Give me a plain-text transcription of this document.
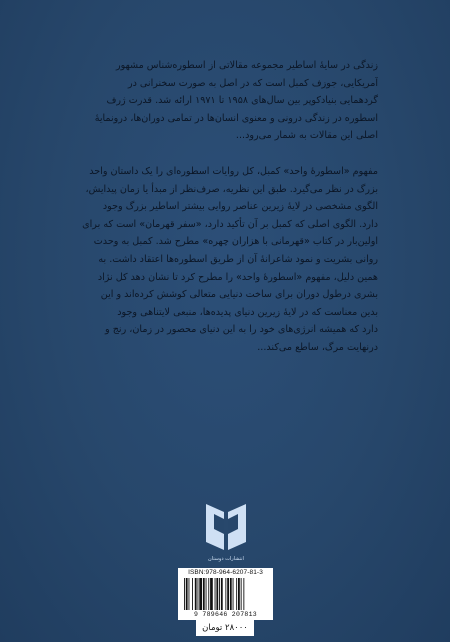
زندگی در سایهٔ اساطیر مجموعه مقالاتی از اسطوره‌شناس مشهور
آمریکایی، جوزف کمبل است که در اصل به صورت سخنرانی در
گردهمایی بنیادکوپر بین سال‌های ۱۹۵۸ تا ۱۹۷۱ ارائه شد. قدرت ژرف
اسطوره در زندگی درونی و معنوی انسان‌ها در تمامی دوران‌ها، درونمایهٔ
اصلی این مقالات به شمار می‌رود...
مفهوم «اسطورهٔ واحد» کمبل، کل روایات اسطوره‌ای را یک داستان واحد
بزرگ در نظر می‌گیرد. طبق این نظریه، صرف‌نظر از مبدأ یا زمان پیدایش،
الگوی مشخصی در لایهٔ زیرین عناصر روایی بیشتر اساطیر بزرگ وجود
دارد. الگوی اصلی که کمبل بر آن تأکید دارد، «سفر قهرمان» است که برای
اولین‌بار در کتاب «قهرمانی با هزاران چهره» مطرح شد. کمبل به وحدت
روانی بشریت و نمود شاعرانهٔ آن از طریق اسطوره‌ها اعتقاد داشت. به
همین دلیل، مفهوم «اسطورهٔ واحد» را مطرح کرد تا نشان دهد کل نژاد
بشری درطول دوران برای ساخت دنیایی متعالی کوشش کرده‌اند و این
بدین معناست که در لایهٔ زیرین دنیای پدیده‌ها، منبعی لایتناهی وجود
دارد که همیشه انرژی‌های خود را به این دنیای محصور در زمان، رنج و
درنهایت مرگ، ساطع می‌کند...
انتشارات دوستان
ISBN:978-964-6207-81-3
9 789646 207813
۲۸۰۰۰ تومان
